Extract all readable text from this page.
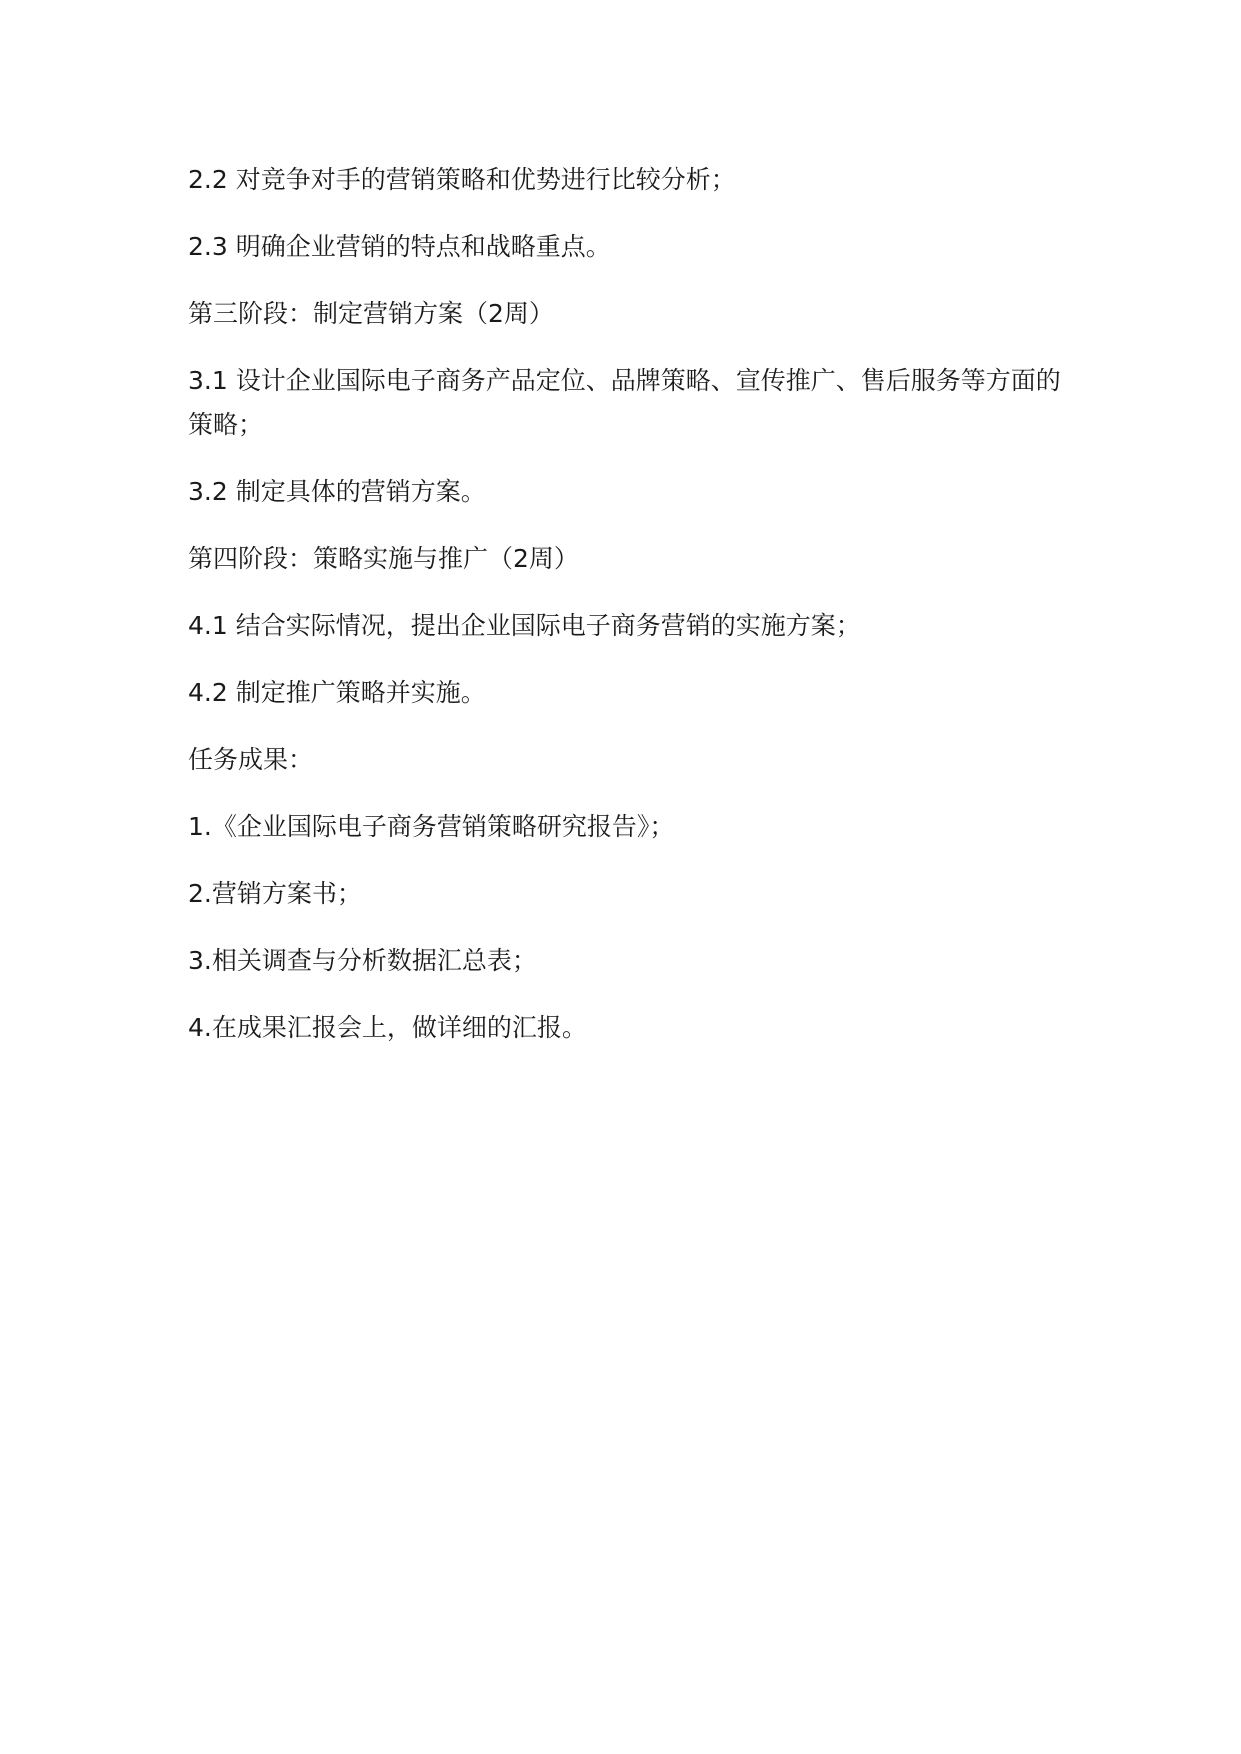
2.2 对竞争对手的营销策略和优势进行比较分析；

2.3 明确企业营销的特点和战略重点。

第三阶段：制定营销方案（2周）

3.1 设计企业国际电子商务产品定位、品牌策略、宣传推广、售后服务等方面的策略；

3.2 制定具体的营销方案。

第四阶段：策略实施与推广（2周）

4.1 结合实际情况，提出企业国际电子商务营销的实施方案；

4.2 制定推广策略并实施。

任务成果：

1.《企业国际电子商务营销策略研究报告》；

2.营销方案书；

3.相关调查与分析数据汇总表；

4.在成果汇报会上，做详细的汇报。
